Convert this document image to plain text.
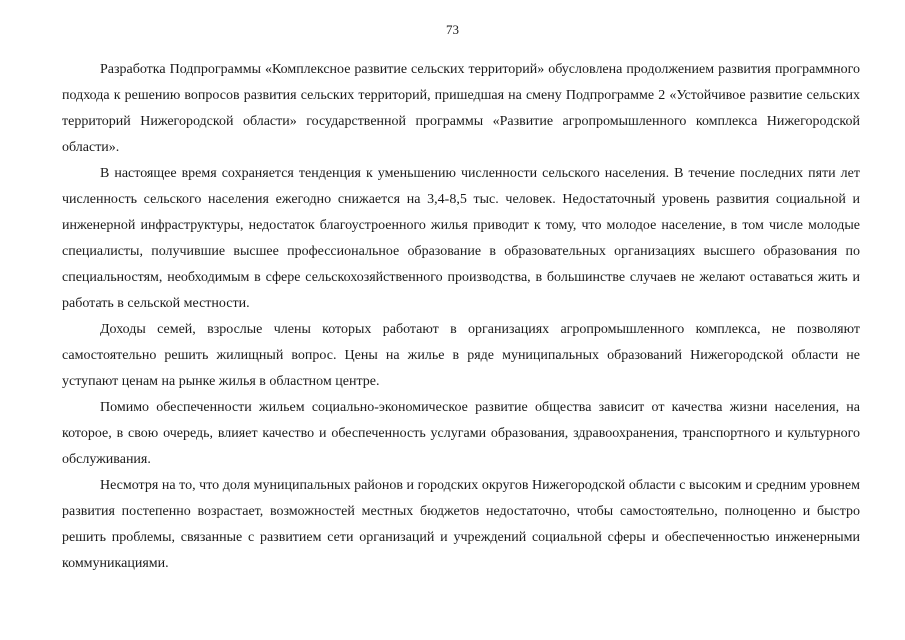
73

Разработка Подпрограммы «Комплексное развитие сельских территорий» обусловлена продолжением развития программного подхода к решению вопросов развития сельских территорий, пришедшая на смену Подпрограмме 2 «Устойчивое развитие сельских территорий Нижегородской области» государственной программы «Развитие агропромышленного комплекса Нижегородской области».

В настоящее время сохраняется тенденция к уменьшению численности сельского населения. В течение последних пяти лет численность сельского населения ежегодно снижается на 3,4-8,5 тыс. человек. Недостаточный уровень развития социальной и инженерной инфраструктуры, недостаток благоустроенного жилья приводит к тому, что молодое население, в том числе молодые специалисты, получившие высшее профессиональное образование в образовательных организациях высшего образования по специальностям, необходимым в сфере сельскохозяйственного производства, в большинстве случаев не желают оставаться жить и работать в сельской местности.

Доходы семей, взрослые члены которых работают в организациях агропромышленного комплекса, не позволяют самостоятельно решить жилищный вопрос. Цены на жилье в ряде муниципальных образований Нижегородской области не уступают ценам на рынке жилья в областном центре.

Помимо обеспеченности жильем социально-экономическое развитие общества зависит от качества жизни населения, на которое, в свою очередь, влияет качество и обеспеченность услугами образования, здравоохранения, транспортного и культурного обслуживания.

Несмотря на то, что доля муниципальных районов и городских округов Нижегородской области с высоким и средним уровнем развития постепенно возрастает, возможностей местных бюджетов недостаточно, чтобы самостоятельно, полноценно и быстро решить проблемы, связанные с развитием сети организаций и учреждений социальной сферы и обеспеченностью инженерными коммуникациями.
